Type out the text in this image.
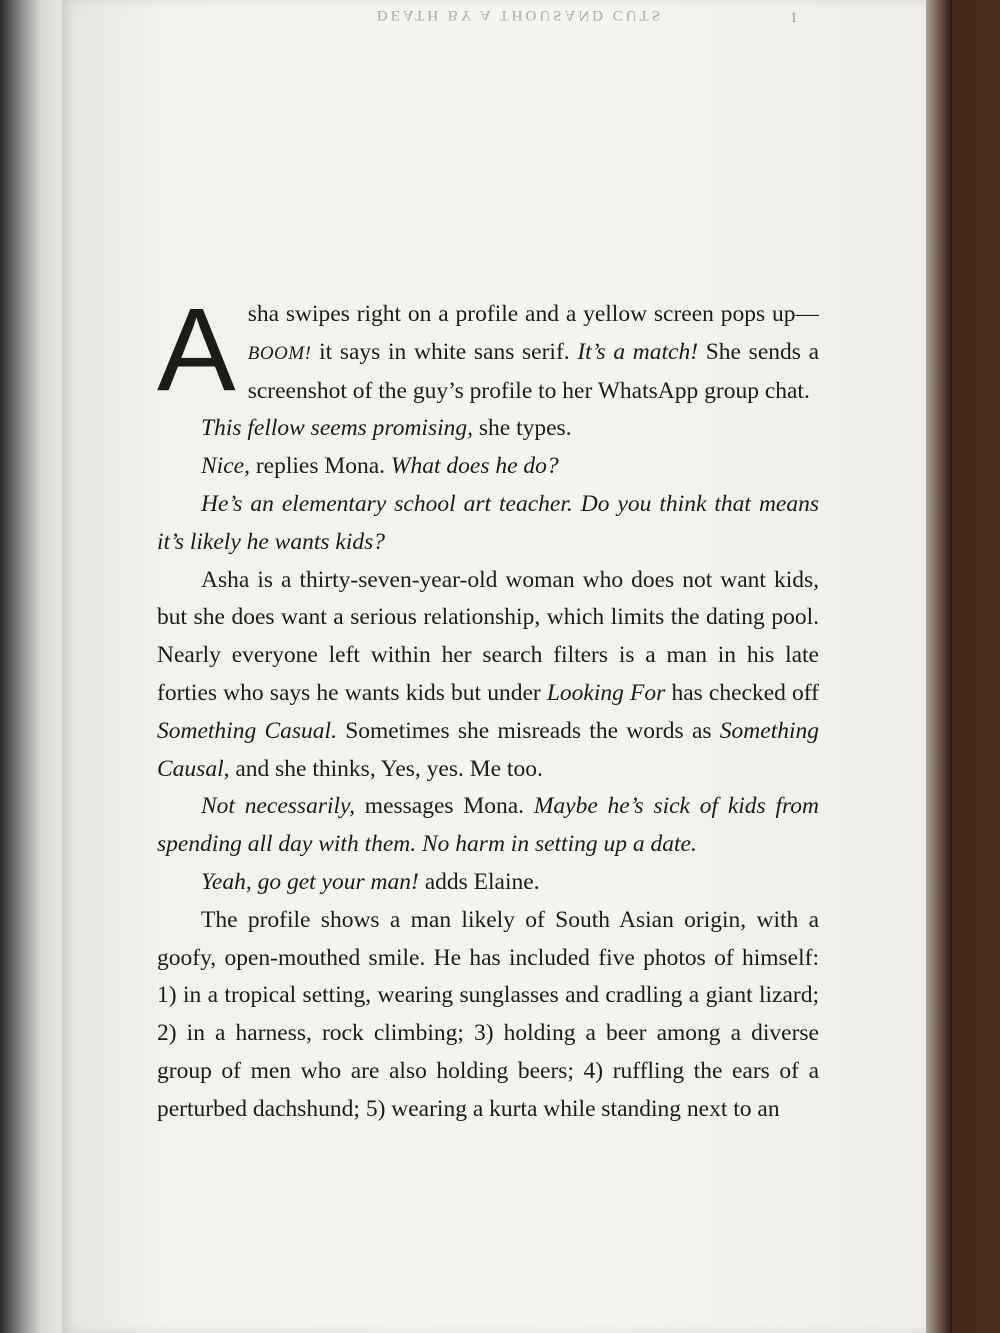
DEATH BY A THOUSAND CUTS	1

Asha swipes right on a profile and a yellow screen pops up—BOOM! it says in white sans serif. It’s a match! She sends a screenshot of the guy’s profile to her WhatsApp group chat.

This fellow seems promising, she types.

Nice, replies Mona. What does he do?

He’s an elementary school art teacher. Do you think that means it’s likely he wants kids?

Asha is a thirty-seven-year-old woman who does not want kids, but she does want a serious relationship, which limits the dating pool. Nearly everyone left within her search filters is a man in his late forties who says he wants kids but under Looking For has checked off Something Casual. Sometimes she misreads the words as Something Causal, and she thinks, Yes, yes. Me too.

Not necessarily, messages Mona. Maybe he’s sick of kids from spending all day with them. No harm in setting up a date.

Yeah, go get your man! adds Elaine.

The profile shows a man likely of South Asian origin, with a goofy, open-mouthed smile. He has included five photos of himself: 1) in a tropical setting, wearing sunglasses and cradling a giant lizard; 2) in a harness, rock climbing; 3) holding a beer among a diverse group of men who are also holding beers; 4) ruffling the ears of a perturbed dachshund; 5) wearing a kurta while standing next to an
